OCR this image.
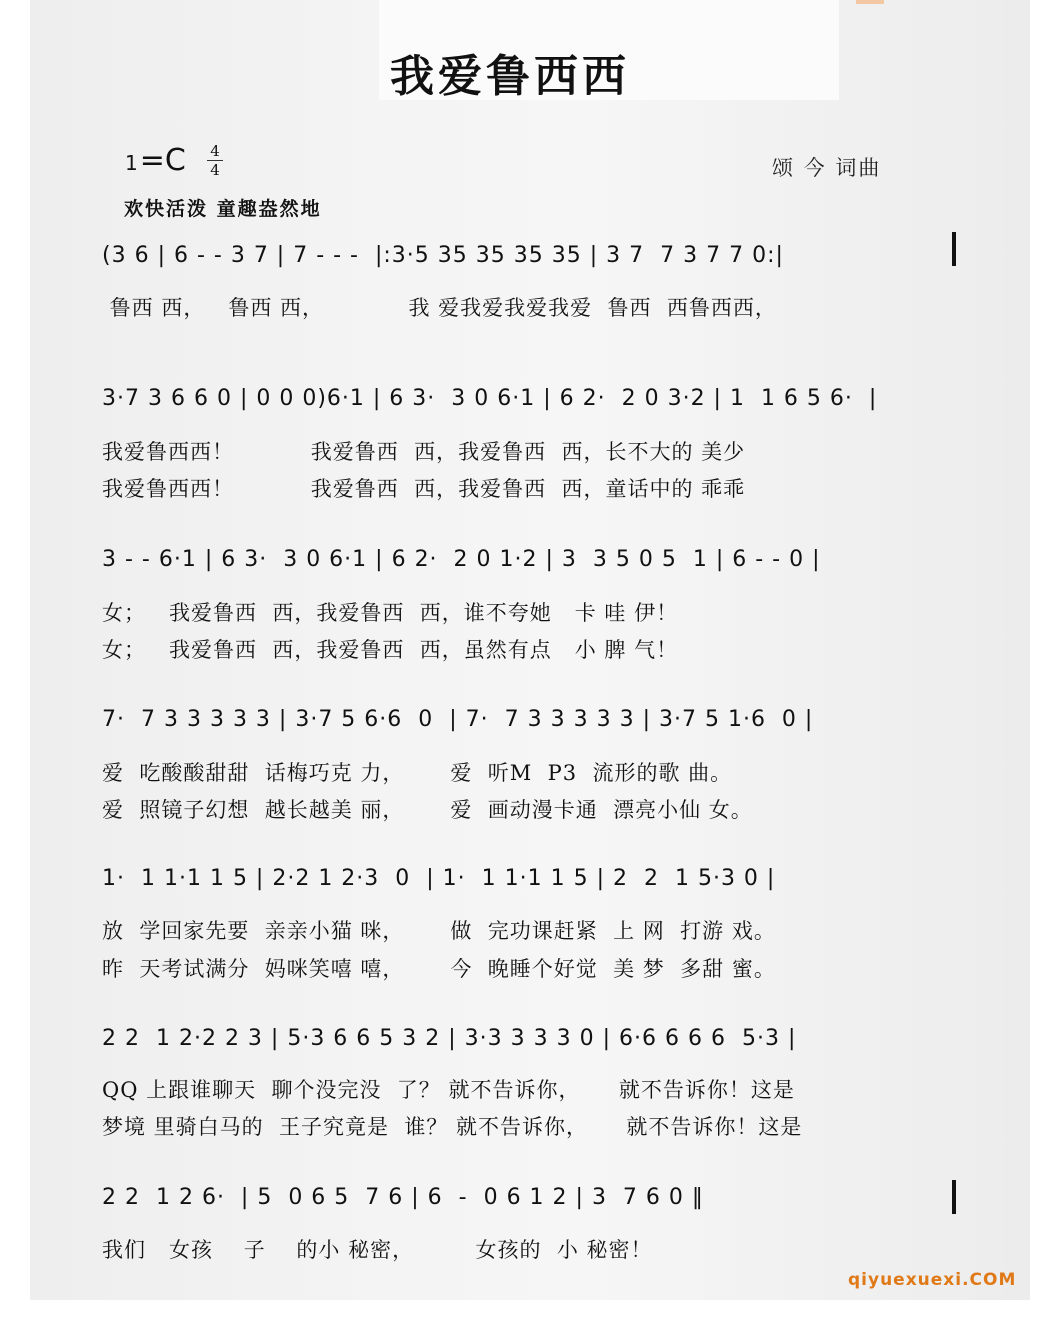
我爱鲁西西
1=C 4
4
欢快活泼 童趣盎然地
颂 今 词曲
(3 6 | 6 - - 3 7 | 7 - - -  |:3·5 35 35 35 35 | 3 7  7 3 7 7 0:|
鲁西 西，   鲁西 西，           我 爱我爱我爱我爱  鲁西  西鲁西西，
3·7 3 6 6 0 | 0 0 0)6·1 | 6 3·  3 0 6·1 | 6 2·  2 0 3·2 | 1  1 6 5 6·  |
我爱鲁西西！          我爱鲁西  西，我爱鲁西  西，长不大的 美少
我爱鲁西西！          我爱鲁西  西，我爱鲁西  西，童话中的 乖乖
3 - - 6·1 | 6 3·  3 0 6·1 | 6 2·  2 0 1·2 | 3  3 5 0 5  1 | 6 - - 0 |
女；   我爱鲁西  西，我爱鲁西  西，谁不夸她   卡 哇 伊！
女；   我爱鲁西  西，我爱鲁西  西，虽然有点   小 脾 气！
7·  7 3 3 3 3 3 | 3·7 5 6·6  0  | 7·  7 3 3 3 3 3 | 3·7 5 1·6  0 |
爱  吃酸酸甜甜  话梅巧克 力，      爱  听M  P3  流形的歌 曲。
爱  照镜子幻想  越长越美 丽，      爱  画动漫卡通  漂亮小仙 女。
1·  1 1·1 1 5 | 2·2 1 2·3  0  | 1·  1 1·1 1 5 | 2  2  1 5·3 0 |
放  学回家先要  亲亲小猫 咪，      做  完功课赶紧  上 网  打游 戏。
昨  天考试满分  妈咪笑嘻 嘻，      今  晚睡个好觉  美 梦  多甜 蜜。
2 2  1 2·2 2 3 | 5·3 6 6 5 3 2 | 3·3 3 3 3 0 | 6·6 6 6 6  5·3 |
QQ 上跟谁聊天  聊个没完没  了？ 就不告诉你，     就不告诉你！这是
梦境 里骑白马的  王子究竟是  谁？ 就不告诉你，     就不告诉你！这是
2 2  1 2 6·  | 5  0 6 5  7 6 | 6  -  0 6 1 2 | 3  7 6 0 ‖
我们   女孩    子    的小 秘密，        女孩的  小 秘密！
qiyuexuexi.COM
